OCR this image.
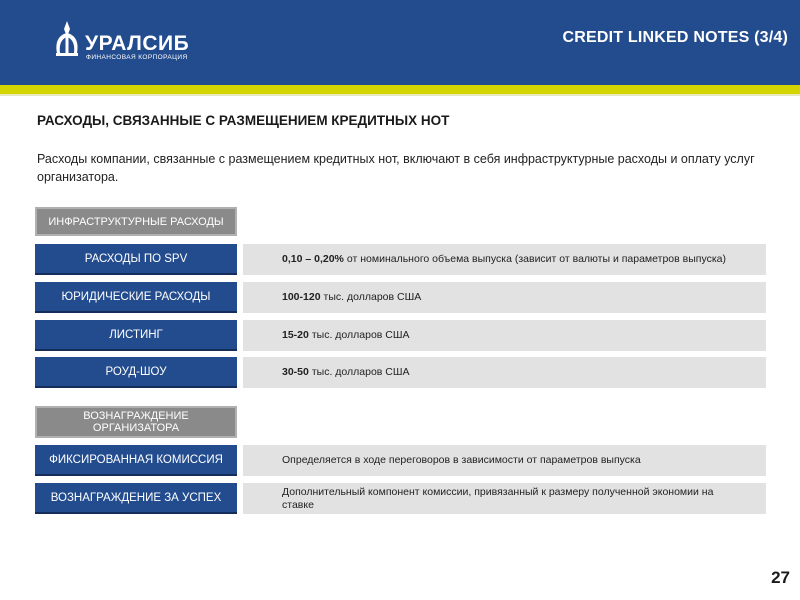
УРАЛСИБ
ФИНАНСОВАЯ КОРПОРАЦИЯ
CREDIT LINKED NOTES (3/4)
РАСХОДЫ, СВЯЗАННЫЕ С РАЗМЕЩЕНИЕМ КРЕДИТНЫХ НОТ
Расходы компании, связанные с размещением кредитных нот, включают в себя инфраструктурные расходы и оплату услуг организатора.
ИНФРАСТРУКТУРНЫЕ РАСХОДЫ
РАСХОДЫ ПО SPV	0,10 – 0,20% от номинального объема выпуска (зависит от валюты и параметров выпуска)
ЮРИДИЧЕСКИЕ РАСХОДЫ	100-120 тыс. долларов США
ЛИСТИНГ	15-20 тыс. долларов США
РОУД-ШОУ	30-50 тыс. долларов США
ВОЗНАГРАЖДЕНИЕ
ОРГАНИЗАТОРА
ФИКСИРОВАННАЯ КОМИССИЯ	Определяется в ходе переговоров в зависимости от параметров выпуска
ВОЗНАГРАЖДЕНИЕ ЗА УСПЕХ	Дополнительный компонент комиссии, привязанный к размеру полученной экономии на ставке
27
